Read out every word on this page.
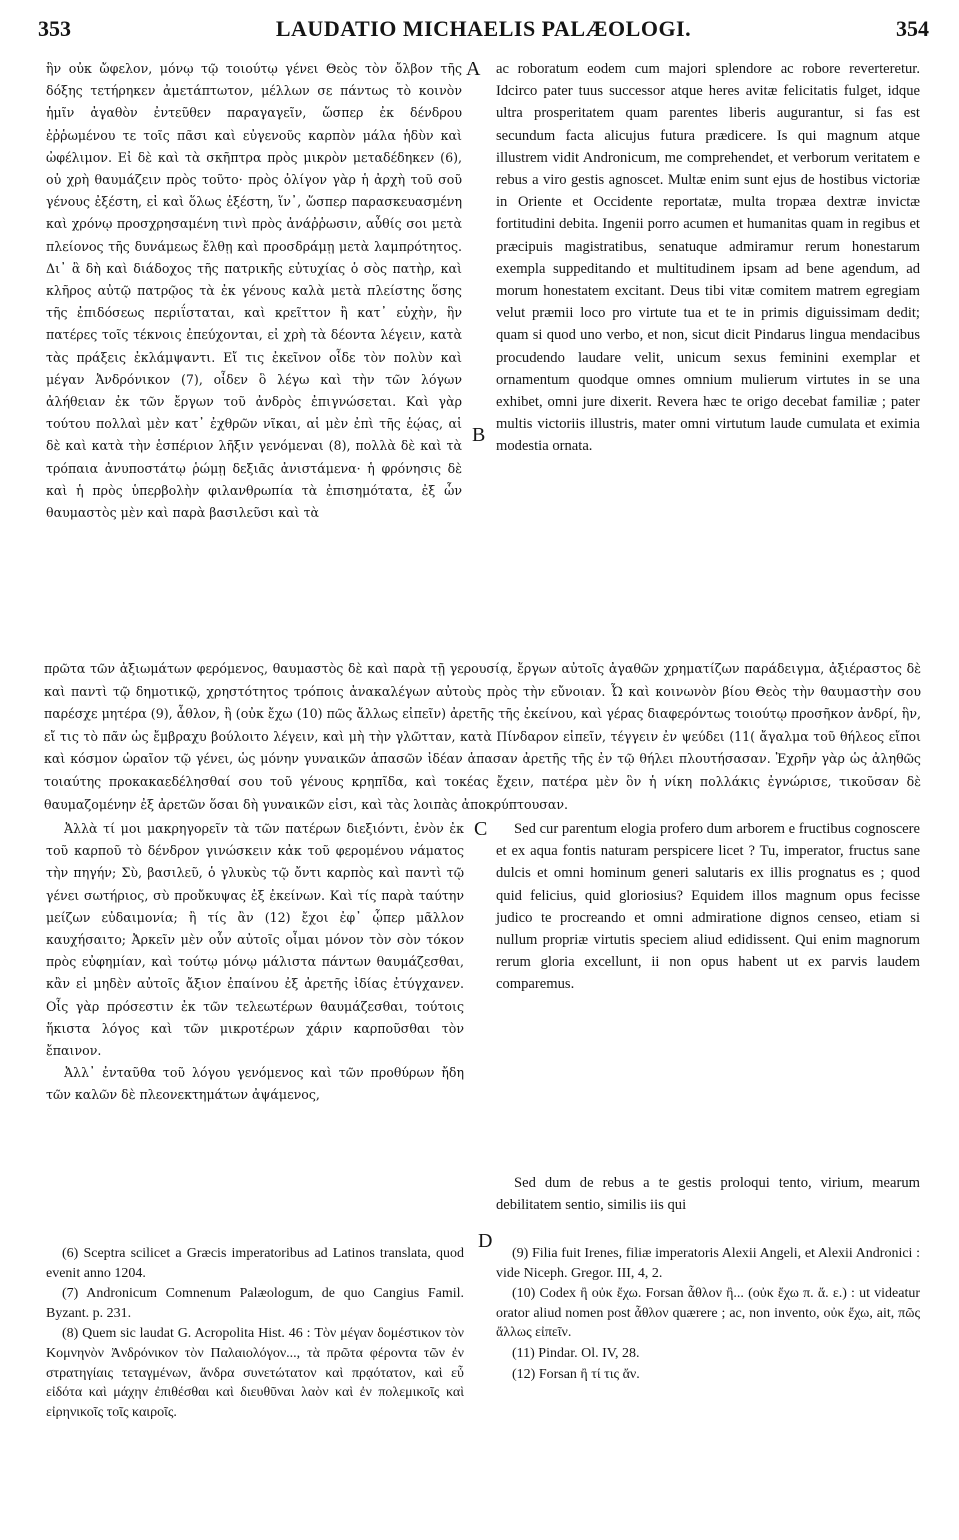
353	LAUDATIO MICHAELIS PALÆOLOGI.	354

ἣν οὐκ ὤφελον, μόνῳ τῷ τοιούτῳ γένει Θεὸς τὸν ὄλβον τῆς δόξης τετήρηκεν ἀμετάπτωτον, μέλλων σε πάντως τὸ κοινὸν ἡμῖν ἀγαθὸν ἐντεῦθεν παραγαγεῖν, ὥσπερ ἐκ δένδρου ἐῤῥωμένου τε τοῖς πᾶσι καὶ εὐγενοῦς καρπὸν μάλα ἡδὺν καὶ ὠφέλιμον. Εἰ δὲ καὶ τὰ σκῆπτρα πρὸς μικρὸν μεταδέδηκεν (6), οὐ χρὴ θαυμάζειν πρὸς τοῦτο· πρὸς ὀλίγον γὰρ ἡ ἀρχὴ τοῦ σοῦ γένους ἐξέστη, εἰ καὶ ὅλως ἐξέστη, ἵν᾽, ὥσπερ παρασκευασμένη καὶ χρόνῳ προσχρησαμένη τινὶ πρὸς ἀνάῤῥωσιν, αὖθίς σοι μετὰ πλείονος τῆς δυνάμεως ἔλθῃ καὶ προσδράμῃ μετὰ λαμπρότητος. Δι᾽ ἃ δὴ καὶ διάδοχος τῆς πατρικῆς εὐτυχίας ὁ σὸς πατὴρ, καὶ κλῆρος αὐτῷ πατρῷος τὰ ἐκ γένους καλὰ μετὰ πλείστης ὅσης τῆς ἐπιδόσεως περιΐσταται, καὶ κρεῖττον ἢ κατ᾽ εὐχὴν, ἣν πατέρες τοῖς τέκνοις ἐπεύχονται, εἰ χρὴ τὰ δέοντα λέγειν, κατὰ τὰς πράξεις ἐκλάμψαντι. Εἴ τις ἐκεῖνον οἶδε τὸν πολὺν καὶ μέγαν Ἀνδρόνικον (7), οἶδεν ὃ λέγω καὶ τὴν τῶν λόγων ἀλήθειαν ἐκ τῶν ἔργων τοῦ ἀνδρὸς ἐπιγνώσεται. Καὶ γὰρ τούτου πολλαὶ μὲν κατ᾽ ἐχθρῶν νῖκαι, αἱ μὲν ἐπὶ τῆς ἑῴας, αἱ δὲ καὶ κατὰ τὴν ἑσπέριον λῆξιν γενόμεναι (8), πολλὰ δὲ καὶ τὰ τρόπαια ἀνυποστάτῳ ῥώμῃ δεξιᾶς ἀνιστάμενα· ἡ φρόνησις δὲ καὶ ἡ πρὸς ὑπερβολὴν φιλανθρωπία τὰ ἐπισημότατα, ἐξ ὧν θαυμαστὸς μὲν καὶ παρὰ βασιλεῦσι καὶ τὰ

A ac roboratum eodem cum majori splendore ac robore reverteretur. Idcirco pater tuus successor atque heres avitæ felicitatis fulget, idque ultra prosperitatem quam parentes liberis augurantur, si fas est secundum facta alicujus futura prædicere. Is qui magnum atque illustrem vidit Andronicum, me comprehendet, et verborum veritatem e rebus a viro gestis agnoscet. Multæ enim sunt ejus de hostibus victoriæ in Oriente et Occidente reportatæ, multa tropæa dextræ invictæ fortitudini debita. Ingenii porro acumen et humanitas quam in regibus et præcipuis magistratibus, senatuque admiramur rerum honestarum exempla suppeditando et multitudinem ipsam ad bene agendum, ad morum honestatem excitant. Deus tibi vitæ comitem matrem egregiam velut præmii loco pro virtute tua et te in primis diguissimam dedit; quam si quod uno verbo, et non, sicut dicit Pindarus lingua mendacibus procudendo laudare velit, unicum sexus feminini exemplar et ornamentum quodque omnes omnium mulierum virtutes in se una exhibet, omni jure dixerit. Revera hæc te origo decebat familiæ ; pater multis victoriis illustris, mater omni virtutum laude cumulata et eximia modestia ornata.

B
πρῶτα τῶν ἀξιωμάτων φερόμενος, θαυμαστὸς δὲ καὶ παρὰ τῇ γερουσίᾳ, ἔργων αὐτοῖς ἀγαθῶν χρηματίζων παράδειγμα, ἀξιέραστος δὲ καὶ παντὶ τῷ δημοτικῷ, χρηστότητος τρόποις ἀνακαλέγων αὐτοὺς πρὸς τὴν εὔνοιαν. Ὦ καὶ κοινωνὸν βίου Θεὸς τὴν θαυμαστὴν σου παρέσχε μητέρα (9), ἆθλον, ἢ (οὐκ ἔχω (10) πῶς ἄλλως εἰπεῖν) ἀρετῆς τῆς ἐκείνου, καὶ γέρας διαφερόντως τοιούτῳ προσῆκον ἀνδρί, ἣν, εἴ τις τὸ πᾶν ὡς ἔμβραχυ βούλοιτο λέγειν, καὶ μὴ τὴν γλῶτταν, κατὰ Πίνδαρον εἰπεῖν, τέγγειν ἐν ψεύδει (11( ἄγαλμα τοῦ θήλεος εἴποι καὶ κόσμον ὡραῖον τῷ γένει, ὡς μόνην γυναικῶν ἁπασῶν ἰδέαν ἁπασαν ἀρετῆς τῆς ἐν τῷ θήλει πλουτήσασαν. Ἐχρῆν γὰρ ὡς ἀληθῶς τοιαύτης προκακαεδέλησθαί σου τοῦ γένους κρηπῖδα, καὶ τοκέας ἔχειν, πατέρα μὲν ὃν ἡ νίκη πολλάκις ἐγνώρισε, τικοῦσαν δὲ θαυμαζομένην ἐξ ἀρετῶν ὅσαι δὴ γυναικῶν εἰσι, καὶ τὰς λοιπὰς ἀποκρύπτουσαν.

Ἀλλὰ τί μοι μακρηγορεῖν τὰ τῶν πατέρων διεξιόντι, ἐνὸν ἐκ τοῦ καρποῦ τὸ δένδρον γινώσκειν κἀκ τοῦ φερομένου νάματος τὴν πηγήν; Σὺ, βασιλεῦ, ὁ γλυκὺς τῷ ὄντι καρπὸς καὶ παντὶ τῷ γένει σωτήριος, σὺ προὔκυψας ἐξ ἐκείνων. Καὶ τίς παρὰ ταύτην μείζων εὐδαιμονία; ἢ τίς ἂν (12) ἔχοι ἐφ᾽ ᾧπερ μᾶλλον καυχήσαιτο; Ἀρκεῖν μὲν οὖν αὐτοῖς οἶμαι μόνον τὸν σὸν τόκον πρὸς εὐφημίαν, καὶ τούτῳ μόνῳ μάλιστα πάντων θαυμάζεσθαι, κἂν εἰ μηδὲν αὐτοῖς ἄξιον ἐπαίνου ἐξ ἀρετῆς ἰδίας ἐτύγχανεν. Οἷς γὰρ πρόσεστιν ἐκ τῶν τελεωτέρων θαυμάζεσθαι, τούτοις ἥκιστα λόγος καὶ τῶν μικροτέρων χάριν καρποῦσθαι τὸν ἔπαινον.

Ἀλλ᾽ ἐνταῦθα τοῦ λόγου γενόμενος καὶ τῶν προθύρων ἤδη τῶν καλῶν δὲ πλεονεκτημάτων ἀψάμενος,

C	Sed cur parentum elogia profero dum arborem e fructibus cognoscere et ex aqua fontis naturam perspicere licet ? Tu, imperator, fructus sane dulcis et omni hominum generi salutaris ex illis prognatus es ; quod quid felicius, quid gloriosius? Equidem illos magnum opus fecisse judico te procreando et omni admiratione dignos censeo, etiam si nullum propriæ virtutis speciem aliud edidissent. Qui enim magnorum rerum gloria excellunt, ii non opus habent ut ex parvis laudem comparemus.

Sed dum de rebus a te gestis proloqui tento, virium, mearum debilitatem sentio, similis iis qui

D

(6) Sceptra scilicet a Græcis imperatoribus ad Latinos translata, quod evenit anno 1204.

(7) Andronicum Comnenum Palæologum, de quo Cangius Famil. Byzant. p. 231.

(8) Quem sic laudat G. Acropolita Hist. 46 : Τὸν μέγαν δομέστικον τὸν Κομνηνὸν Ἀνδρόνικον τὸν Παλαιολόγον..., τὰ πρῶτα φέροντα τῶν ἐν στρατηγίαις τεταγμένων, ἄνδρα συνετώτατον καὶ πρᾳότατον, καὶ εὖ εἰδότα καὶ μάχην ἐπιθέσθαι καὶ διευθῦναι λαὸν καὶ ἐν πολεμικοῖς καὶ εἰρηνικοῖς τοῖς καιροῖς.

(9) Filia fuit Irenes, filiæ imperatoris Alexii Angeli, et Alexii Andronici : vide Niceph. Gregor. III, 4, 2.

(10) Codex ἢ οὐκ ἔχω. Forsan ἆθλον ἢ... (οὐκ ἔχω π. ἄ. ε.) : ut videatur orator aliud nomen post ἆθλον quærere ; ac, non invento, οὐκ ἔχω, ait, πῶς ἄλλως εἰπεῖν.

(11) Pindar. Ol. IV, 28.

(12) Forsan ἢ τί τις ἄν.
